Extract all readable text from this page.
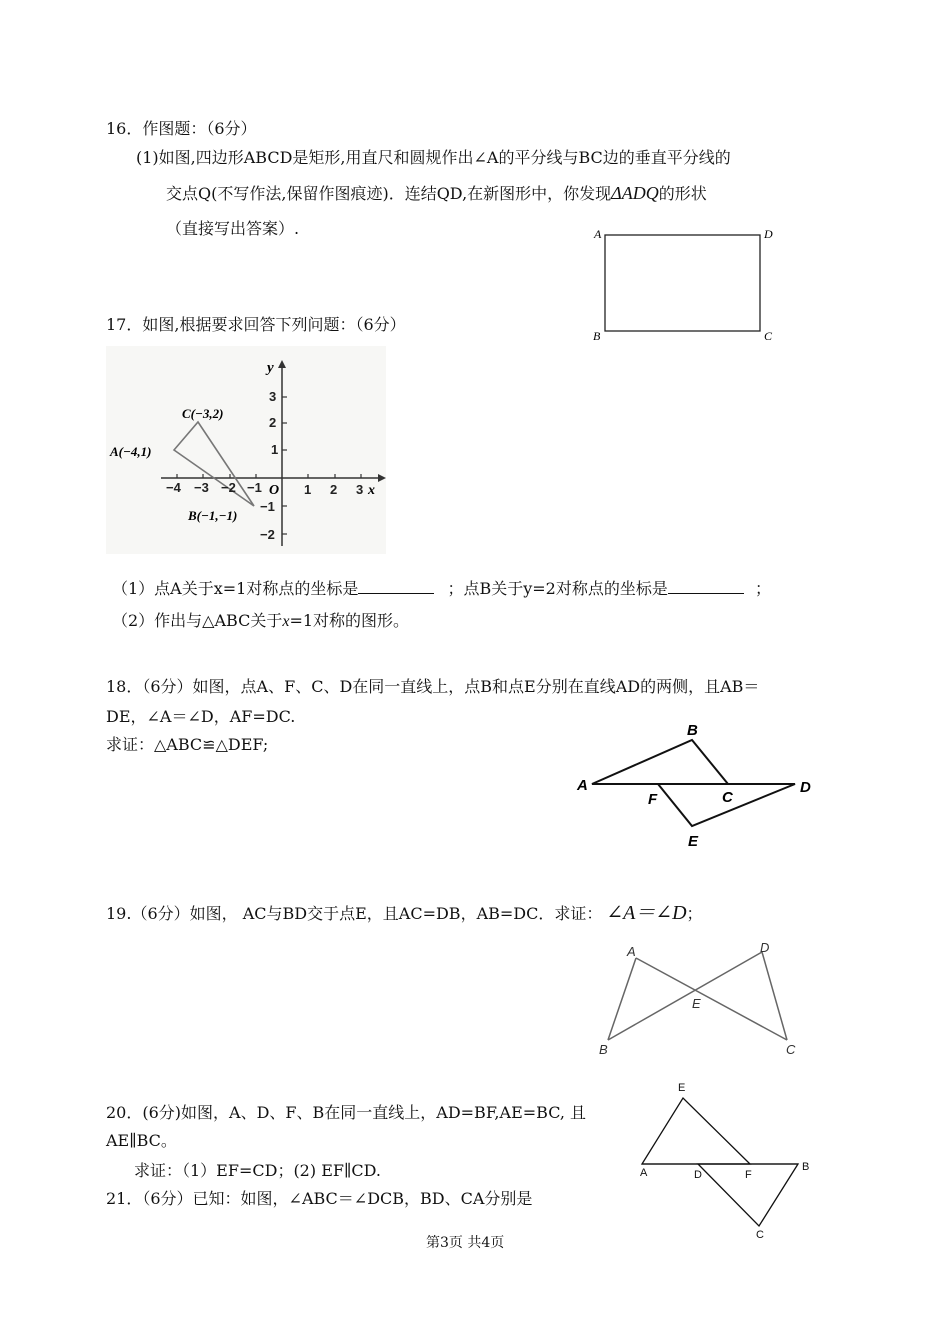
16．作图题：（6分）
(1)如图,四边形ABCD是矩形,用直尺和圆规作出∠A的平分线与BC边的垂直平分线的
交点Q(不写作法,保留作图痕迹)．连结QD,在新图形中，你发现ΔADQ的形状
（直接写出答案）.	A	D
B	C
17．如图,根据要求回答下列问题：（6分）
−4 −3 −2 −1	1 2 3
3
2
1
−1
−2
y
x
O
A(−4,1)
C(−3,2)
B(−1,−1)
（1）点A关于x=1对称点的坐标是	；点B关于y=2对称点的坐标是	；
（2）作出与△ABC关于x=1对称的图形。
18．（6分）如图，点A、F、C、D在同一直线上，点B和点E分别在直线AD的两侧，且AB＝
DE，∠A＝∠D，AF=DC.
求证：△ABC≌△DEF;
A
B
C
D
E
F
19.（6分）如图， AC与BD交于点E，且AC=DB，AB=DC．求证： ∠A＝∠D；
A	D
E
B	C
20．(6分)如图，A、D、F、B在同一直线上，AD=BF,AE=BC, 且
AE∥BC。
求证：（1）EF=CD；(2) EF∥CD.
E
A	D	F
B
C
21．（6分）已知：如图，∠ABC＝∠DCB，BD、CA分别是
第3页 共4页
